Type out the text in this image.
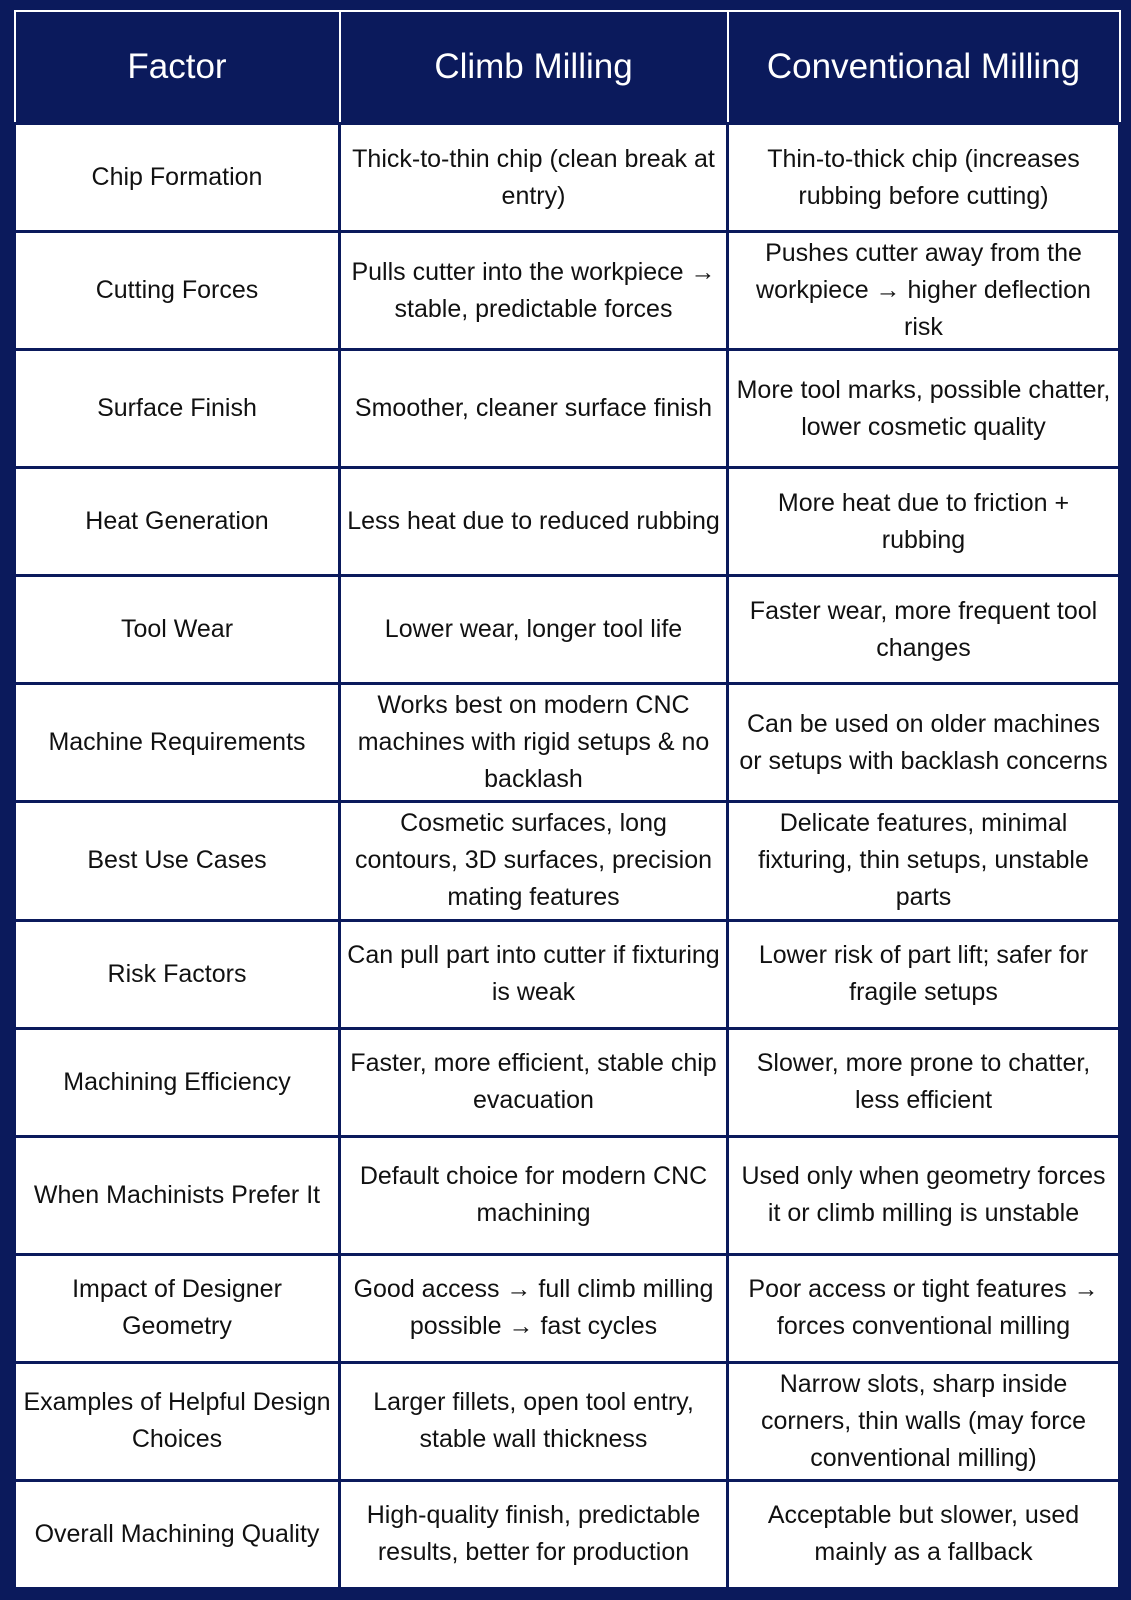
Factor	Climb Milling	Conventional Milling
Chip Formation	Thick-to-thin chip (clean break at entry)	Thin-to-thick chip (increases rubbing before cutting)
Cutting Forces	Pulls cutter into the workpiece → stable, predictable forces	Pushes cutter away from the workpiece → higher deflection risk
Surface Finish	Smoother, cleaner surface finish	More tool marks, possible chatter, lower cosmetic quality
Heat Generation	Less heat due to reduced rubbing	More heat due to friction + rubbing
Tool Wear	Lower wear, longer tool life	Faster wear, more frequent tool changes
Machine Requirements	Works best on modern CNC machines with rigid setups & no backlash	Can be used on older machines or setups with backlash concerns
Best Use Cases	Cosmetic surfaces, long contours, 3D surfaces, precision mating features	Delicate features, minimal fixturing, thin setups, unstable parts
Risk Factors	Can pull part into cutter if fixturing is weak	Lower risk of part lift; safer for fragile setups
Machining Efficiency	Faster, more efficient, stable chip evacuation	Slower, more prone to chatter, less efficient
When Machinists Prefer It	Default choice for modern CNC machining	Used only when geometry forces it or climb milling is unstable
Impact of Designer Geometry	Good access → full climb milling possible → fast cycles	Poor access or tight features → forces conventional milling
Examples of Helpful Design Choices	Larger fillets, open tool entry, stable wall thickness	Narrow slots, sharp inside corners, thin walls (may force conventional milling)
Overall Machining Quality	High-quality finish, predictable results, better for production	Acceptable but slower, used mainly as a fallback
